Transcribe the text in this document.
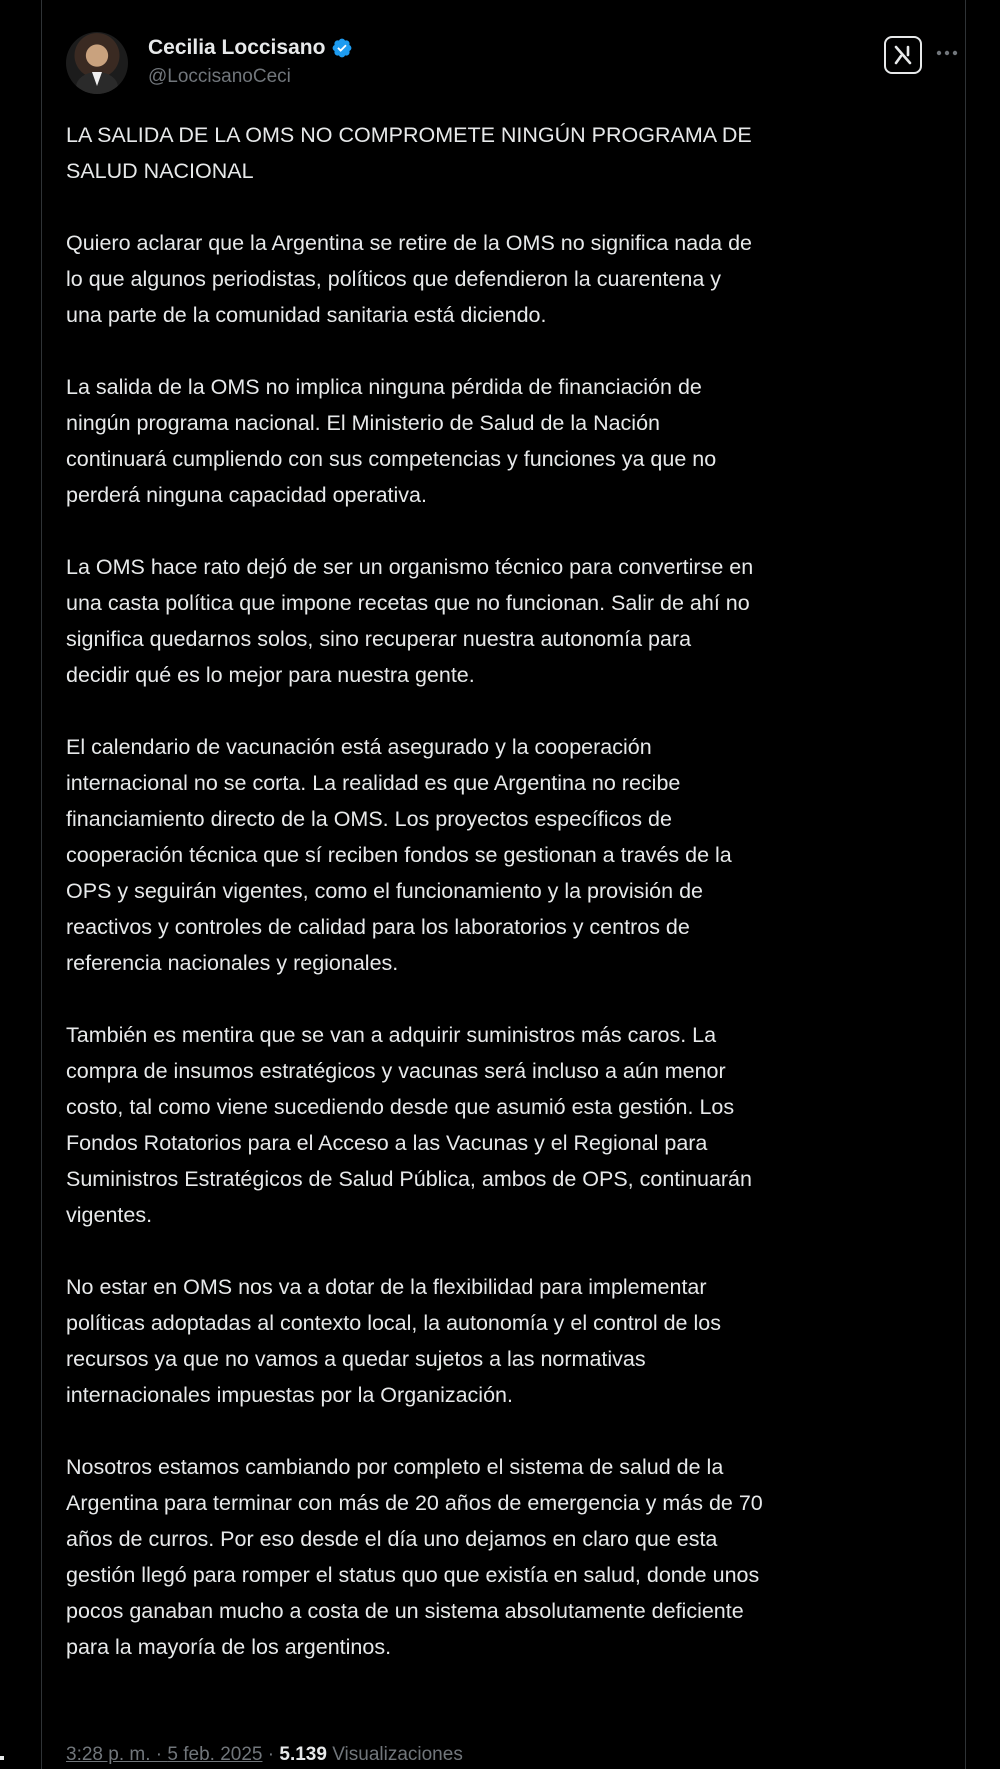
Cecilia Loccisano
@LoccisanoCeci

LA SALIDA DE LA OMS NO COMPROMETE NINGÚN PROGRAMA DE
SALUD NACIONAL

Quiero aclarar que la Argentina se retire de la OMS no significa nada de
lo que algunos periodistas, políticos que defendieron la cuarentena y
una parte de la comunidad sanitaria está diciendo.

La salida de la OMS no implica ninguna pérdida de financiación de
ningún programa nacional. El Ministerio de Salud de la Nación
continuará cumpliendo con sus competencias y funciones ya que no
perderá ninguna capacidad operativa.

La OMS hace rato dejó de ser un organismo técnico para convertirse en
una casta política que impone recetas que no funcionan. Salir de ahí no
significa quedarnos solos, sino recuperar nuestra autonomía para
decidir qué es lo mejor para nuestra gente.

El calendario de vacunación está asegurado y la cooperación
internacional no se corta. La realidad es que Argentina no recibe
financiamiento directo de la OMS. Los proyectos específicos de
cooperación técnica que sí reciben fondos se gestionan a través de la
OPS y seguirán vigentes, como el funcionamiento y la provisión de
reactivos y controles de calidad para los laboratorios y centros de
referencia nacionales y regionales.

También es mentira que se van a adquirir suministros más caros. La
compra de insumos estratégicos y vacunas será incluso a aún menor
costo, tal como viene sucediendo desde que asumió esta gestión. Los
Fondos Rotatorios para el Acceso a las Vacunas y el Regional para
Suministros Estratégicos de Salud Pública, ambos de OPS, continuarán
vigentes.

No estar en OMS nos va a dotar de la flexibilidad para implementar
políticas adoptadas al contexto local, la autonomía y el control de los
recursos ya que no vamos a quedar sujetos a las normativas
internacionales impuestas por la Organización.

Nosotros estamos cambiando por completo el sistema de salud de la
Argentina para terminar con más de 20 años de emergencia y más de 70
años de curros. Por eso desde el día uno dejamos en claro que esta
gestión llegó para romper el status quo que existía en salud, donde unos
pocos ganaban mucho a costa de un sistema absolutamente deficiente
para la mayoría de los argentinos.

3:28 p. m. · 5 feb. 2025 · 5.139 Visualizaciones
